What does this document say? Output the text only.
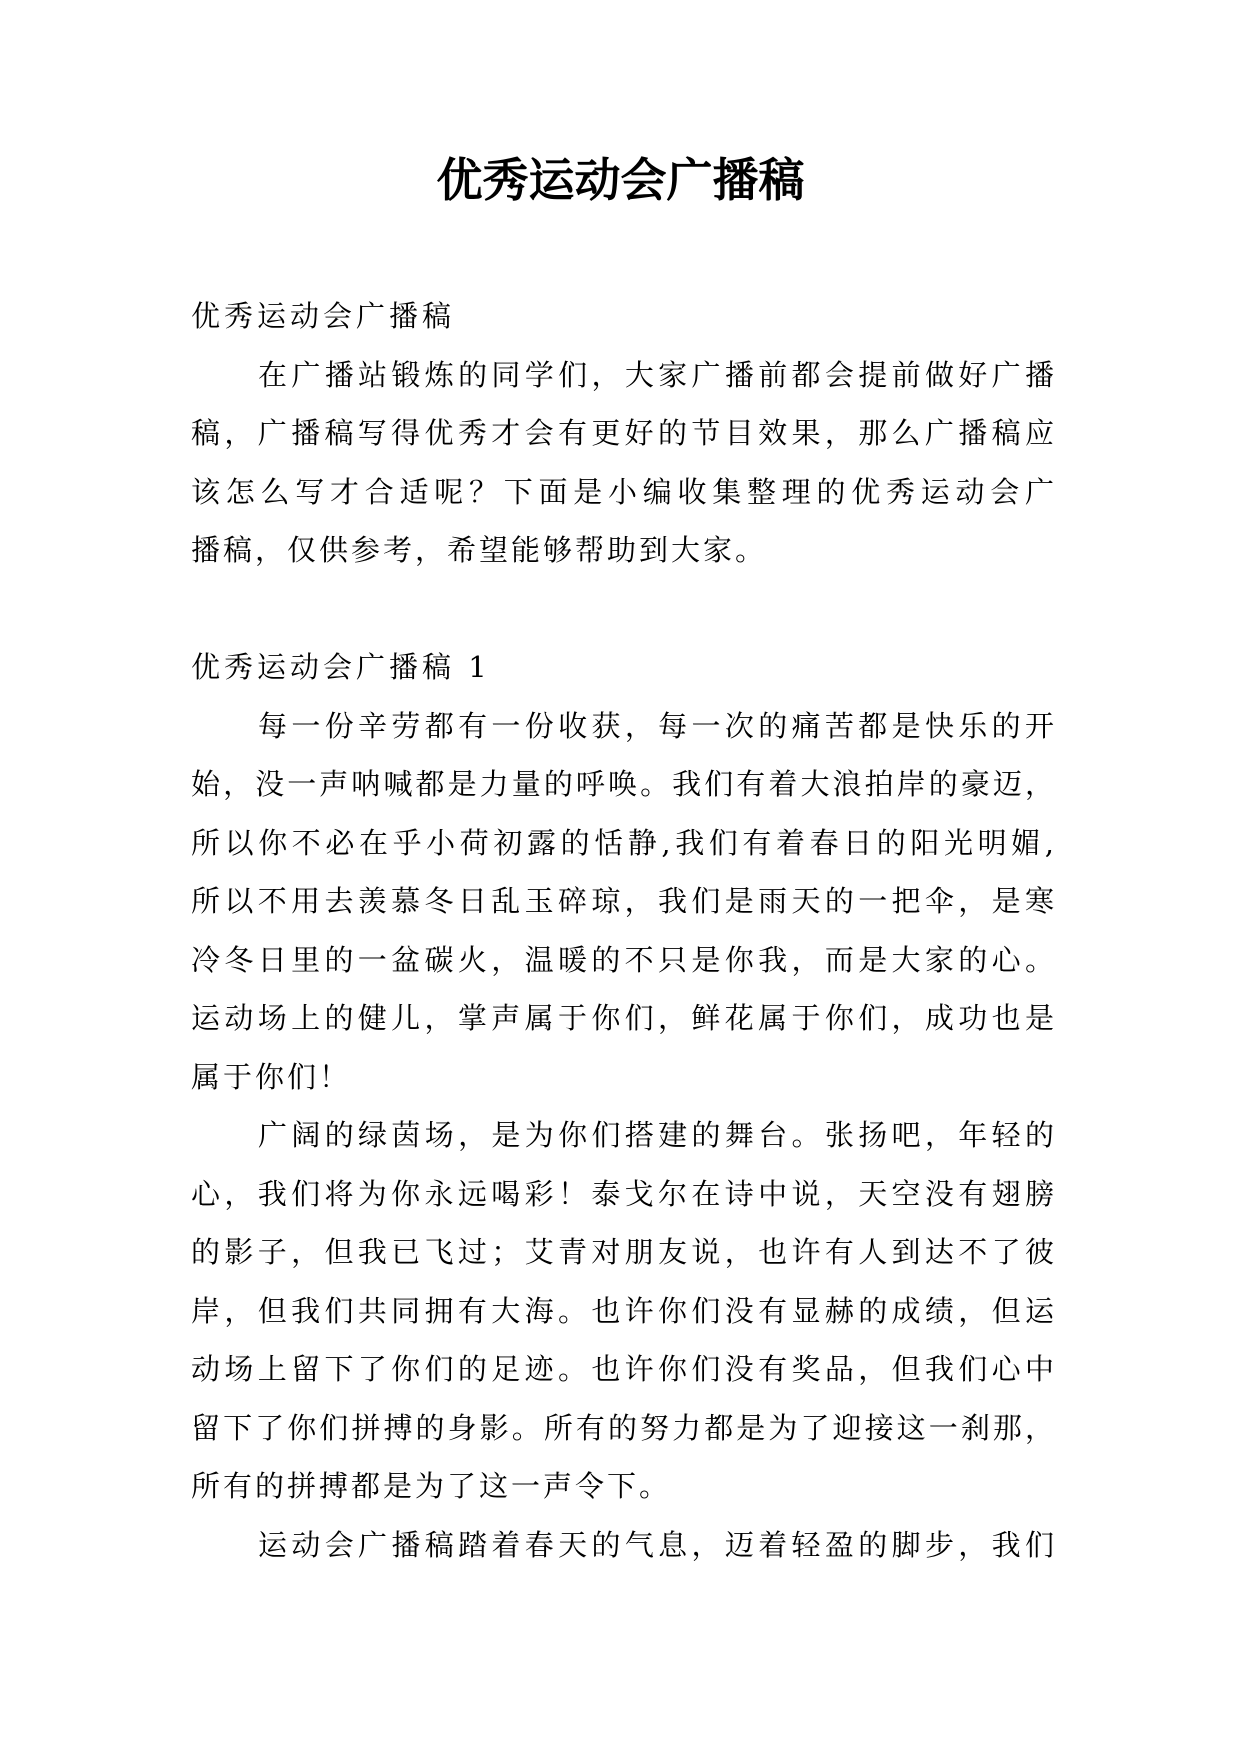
优秀运动会广播稿
优秀运动会广播稿
在广播站锻炼的同学们，大家广播前都会提前做好广播
稿，广播稿写得优秀才会有更好的节目效果，那么广播稿应
该怎么写才合适呢？下面是小编收集整理的优秀运动会广
播稿，仅供参考，希望能够帮助到大家。
优秀运动会广播稿 1
每一份辛劳都有一份收获，每一次的痛苦都是快乐的开
始，没一声呐喊都是力量的呼唤。我们有着大浪拍岸的豪迈，
所以你不必在乎小荷初露的恬静,我们有着春日的阳光明媚,
所以不用去羡慕冬日乱玉碎琼，我们是雨天的一把伞，是寒
冷冬日里的一盆碳火，温暖的不只是你我，而是大家的心。
运动场上的健儿，掌声属于你们，鲜花属于你们，成功也是
属于你们！
广阔的绿茵场，是为你们搭建的舞台。张扬吧，年轻的
心，我们将为你永远喝彩！泰戈尔在诗中说，天空没有翅膀
的影子，但我已飞过；艾青对朋友说，也许有人到达不了彼
岸，但我们共同拥有大海。也许你们没有显赫的成绩，但运
动场上留下了你们的足迹。也许你们没有奖品，但我们心中
留下了你们拼搏的身影。所有的努力都是为了迎接这一刹那，
所有的拼搏都是为了这一声令下。
运动会广播稿踏着春天的气息，迈着轻盈的脚步，我们
